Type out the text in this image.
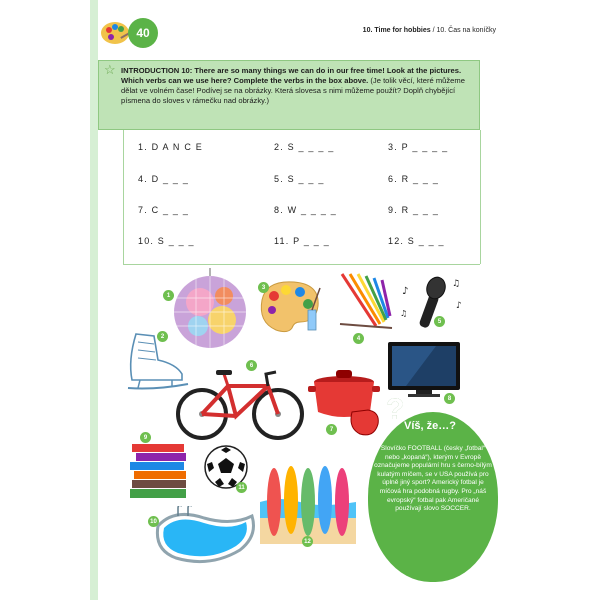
40	10. Time for hobbies / 10. Čas na koníčky
☆ INTRODUCTION 10: There are so many things we can do in our free time! Look at the pictures. Which verbs can we use here? Complete the verbs in the box above. (Je tolik věcí, které můžeme dělat ve volném čase! Podívej se na obrázky. Která slovesa s nimi můžeme použít? Doplň chybějící písmena do sloves v rámečku nad obrázky.)
1. D A N C E	2. S _ _ _ _	3. P _ _ _ _
4. D _ _ _	5. S _ _ _	6. R _ _ _
7. C _ _ _	8. W _ _ _ _	9. R _ _ _
10. S _ _ _	11. P _ _ _	12. S _ _ _
1
2
3
4
♪
♫
♪
♫
5
6
7
8
9
11
10
12
? Víš, že…?
Slovíčko FOOTBALL (česky „fotbal“ nebo „kopaná“), kterým v Evropě označujeme populární hru s černo-bílým kulatým míčem, se v USA používá pro úplně jiný sport? Americký fotbal je míčová hra podobná rugby. Pro „náš evropský“ fotbal pak Američané používají slovo SOCCER.
